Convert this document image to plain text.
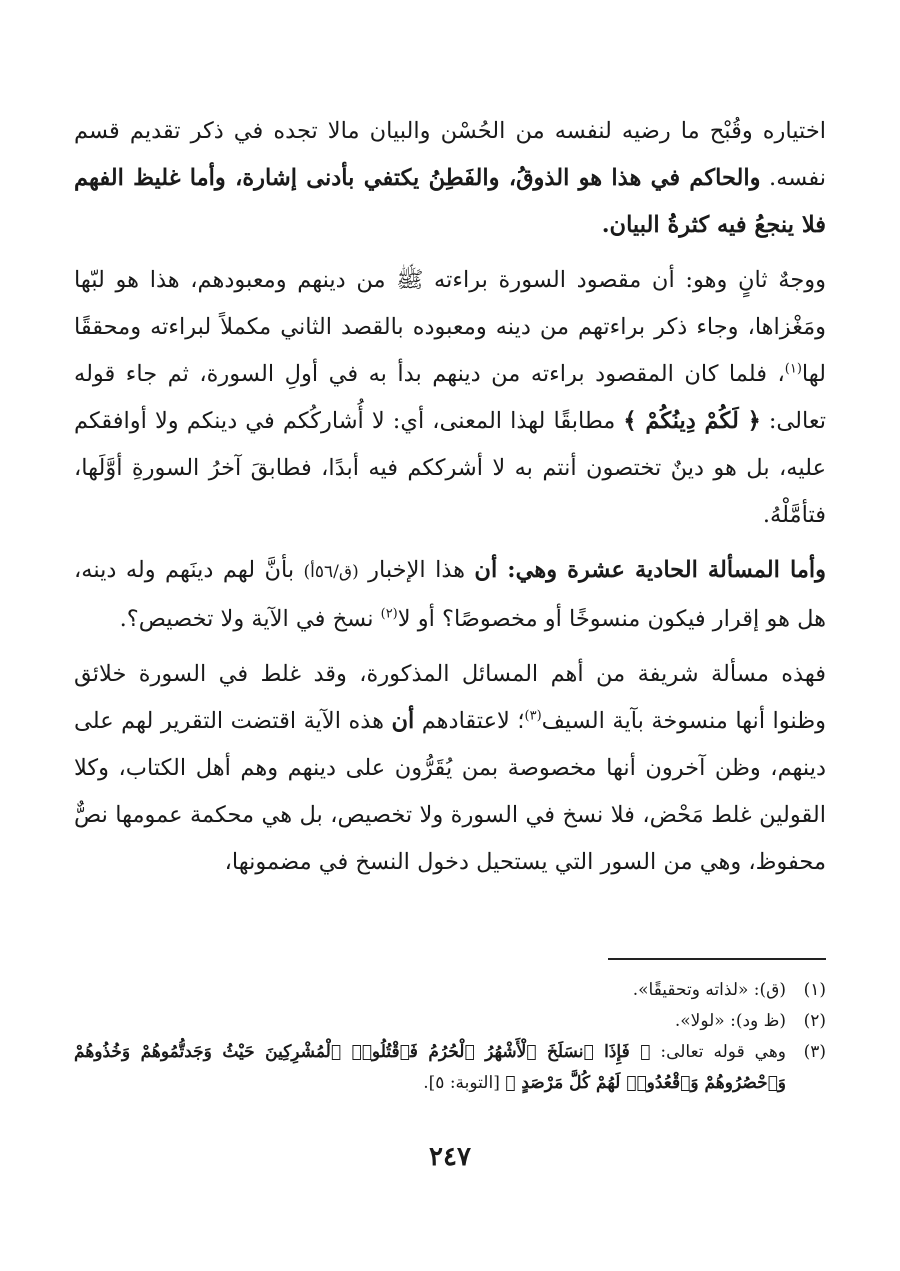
اختياره وقُبْح ما رضيه لنفسه من الحُسْن والبيان مالا تجده في ذكر تقديم قسم نفسه. والحاكم في هذا هو الذوقُ، والفَطِنُ يكتفي بأدنى إشارة، وأما غليظ الفهم فلا ينجعُ فيه كثرةُ البيان.

ووجهٌ ثانٍ وهو: أن مقصود السورة براءته ﷺ من دينهم ومعبودهم، هذا هو لبّها ومَغْزاها، وجاء ذكر براءتهم من دينه ومعبوده بالقصد الثاني مكملاً لبراءته ومحققًا لها$^{(١)}$، فلما كان المقصود براءته من دينهم بدأ به في أولِ السورة، ثم جاء قوله تعالى: ﴿ لَكُمْ دِينُكُمْ ﴾ مطابقًا لهذا المعنى، أي: لا أُشاركُكم في دينكم ولا أوافقكم عليه، بل هو دينٌ تختصون أنتم به لا أشرككم فيه أبدًا، فطابقَ آخرُ السورةِ أوَّلَها، فتأمَّلْهُ.

وأما المسألة الحادية عشرة وهي: أن هذا الإخبار (ق/٥٦أ) بأنَّ لهم دينَهم وله دينه، هل هو إقرار فيكون منسوخًا أو مخصوصًا؟ أو لا$^{(٢)}$ نسخ في الآية ولا تخصيص؟.

فهذه مسألة شريفة من أهم المسائل المذكورة، وقد غلط في السورة خلائق وظنوا أنها منسوخة بآية السيف$^{(٣)}$؛ لاعتقادهم أن هذه الآية اقتضت التقرير لهم على دينهم، وظن آخرون أنها مخصوصة بمن يُقَرُّون على دينهم وهم أهل الكتاب، وكلا القولين غلط مَحْض، فلا نسخ في السورة ولا تخصيص، بل هي محكمة عمومها نصٌّ محفوظ، وهي من السور التي يستحيل دخول النسخ في مضمونها،

(١)
(ق): «لذاته وتحقيقًا».
(٢)
(ظ ود): «لولا».
(٣)
وهي قوله تعالى: ﴿ فَإِذَا ٱنسَلَخَ ٱلْأَشْهُرُ ٱلْحُرُمُ فَٱقْتُلُوا۟ ٱلْمُشْرِكِينَ حَيْثُ وَجَدتُّمُوهُمْ وَخُذُوهُمْ وَٱحْصُرُوهُمْ وَٱقْعُدُوا۟ لَهُمْ كُلَّ مَرْصَدٍ ﴾ [التوبة: ٥].
٢٤٧
